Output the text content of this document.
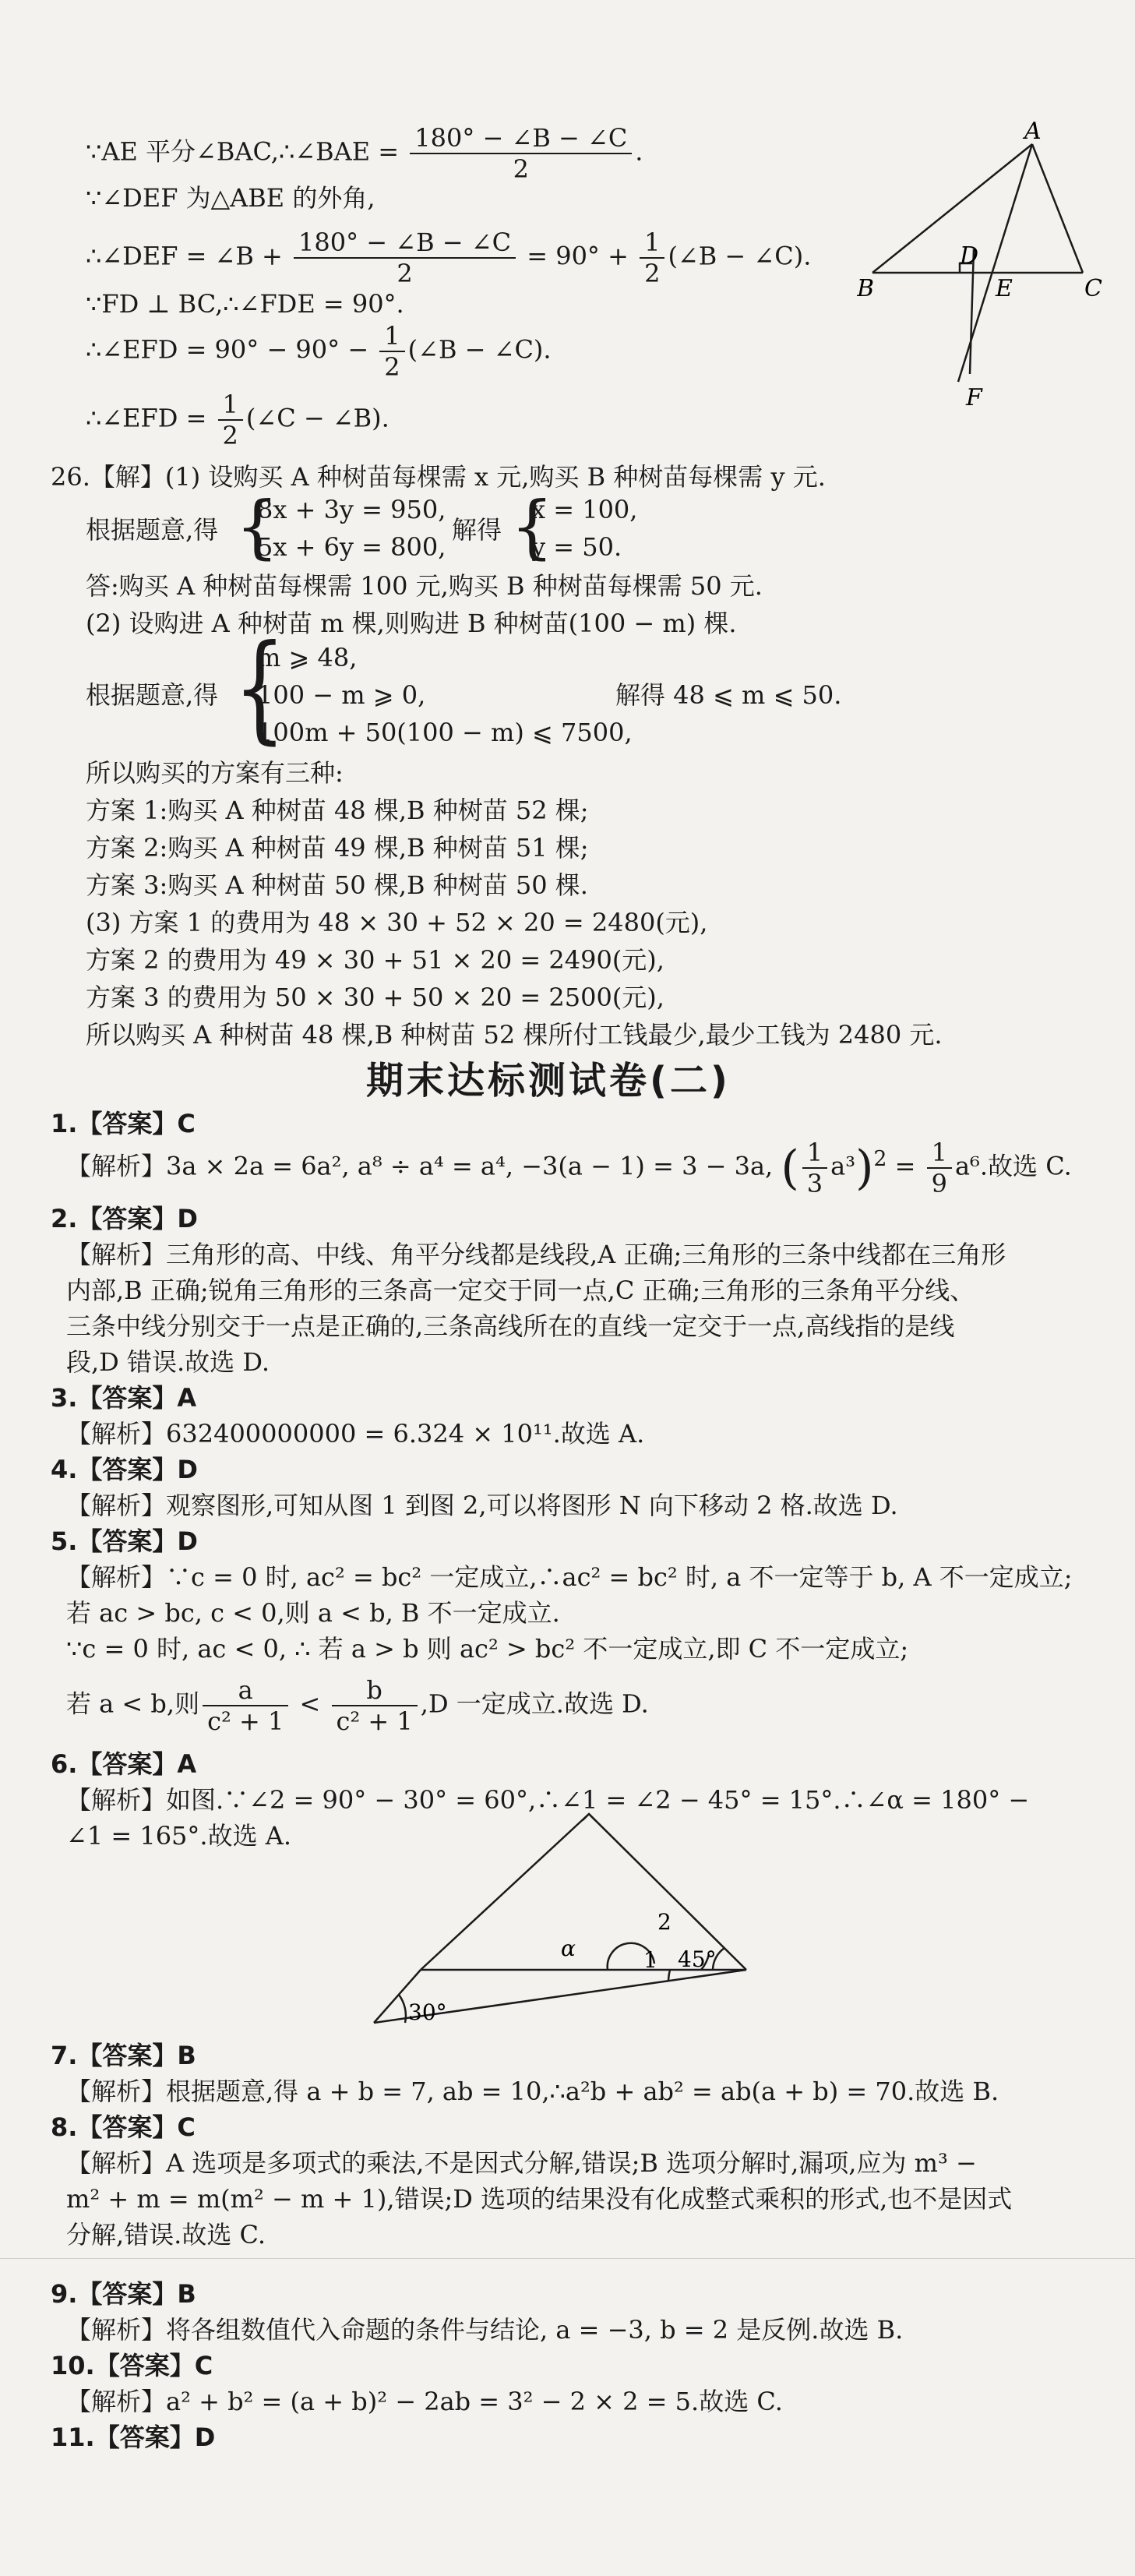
∵AE 平分∠BAC,∴∠BAE = $\frac{180^\circ - \angle B - \angle C}{2}$ .
∵∠DEF 为△ABE 的外角,
∴∠DEF = ∠B + $\frac{180^\circ - \angle B - \angle C}{2} = 90^\circ + \frac{1}{2}$ (∠B − ∠C).
∵FD ⊥ BC,∴∠FDE = 90°.
∴∠EFD = $90^\circ - 90^\circ - \frac{1}{2}$ (∠B − ∠C).
∴∠EFD = $\frac{1}{2}$ (∠C − ∠B).
A
B	C
D
E
F
26.【解】(1) 设购买 A 种树苗每棵需 x 元,购买 B 种树苗每棵需 y 元.
根据题意,得 {
8x + 3y = 950,
5x + 6y = 800,
解得 {
x = 100,
y = 50.
答:购买 A 种树苗每棵需 100 元,购买 B 种树苗每棵需 50 元.
(2) 设购进 A 种树苗 m 棵,则购进 B 种树苗(100 − m) 棵.
根据题意,得 {
m ⩾ 48,
100 − m ⩾ 0,
100m + 50(100 − m) ⩽ 7500,
解得 48 ⩽ m ⩽ 50.
所以购买的方案有三种:
方案 1:购买 A 种树苗 48 棵,B 种树苗 52 棵;
方案 2:购买 A 种树苗 49 棵,B 种树苗 51 棵;
方案 3:购买 A 种树苗 50 棵,B 种树苗 50 棵.
(3) 方案 1 的费用为 48 × 30 + 52 × 20 = 2480(元),
方案 2 的费用为 49 × 30 + 51 × 20 = 2490(元),
方案 3 的费用为 50 × 30 + 50 × 20 = 2500(元),
所以购买 A 种树苗 48 棵,B 种树苗 52 棵所付工钱最少,最少工钱为 2480 元.
期末达标测试卷(二)
1.【答案】C
【解析】3a × 2a = 6a², a⁸ ÷ a⁴ = a⁴, −3(a − 1) = 3 − 3a, ( $\frac{1}{3} a^3)^2 = \frac{1}{9} a^6$.故选 C.
2.【答案】D
【解析】三角形的高、中线、角平分线都是线段,A 正确;三角形的三条中线都在三角形
内部,B 正确;锐角三角形的三条高一定交于同一点,C 正确;三角形的三条角平分线、
三条中线分别交于一点是正确的,三条高线所在的直线一定交于一点,高线指的是线
段,D 错误.故选 D.
3.【答案】A
【解析】632400000000 = 6.324 × 10¹¹.故选 A.
4.【答案】D
【解析】观察图形,可知从图 1 到图 2,可以将图形 N 向下移动 2 格.故选 D.
5.【答案】D
【解析】∵c = 0 时, ac² = bc² 一定成立,∴ac² = bc² 时, a 不一定等于 b, A 不一定成立;
若 ac > bc, c < 0,则 a < b, B 不一定成立.
∵c = 0 时, ac < 0, ∴ 若 a > b 则 ac² > bc² 不一定成立,即 C 不一定成立;
若 a < b,则 $\frac{a}{\text{c² + 1}} < \frac{b}{\text{c² + 1}} ,D$ 一定成立.故选 D.
6.【答案】A
【解析】如图.∵∠2 = 90° − 30° = 60°,∴∠1 = ∠2 − 45° = 15°.∴∠α = 180° −
∠1 = 165°.故选 A.
α	1
2
45°
30°
7.【答案】B
【解析】根据题意,得 a + b = 7, ab = 10,∴a²b + ab² = ab(a + b) = 70.故选 B.
8.【答案】C
【解析】A 选项是多项式的乘法,不是因式分解,错误;B 选项分解时,漏项,应为 m³ −
m² + m = m(m² − m + 1),错误;D 选项的结果没有化成整式乘积的形式,也不是因式
分解,错误.故选 C.
9.【答案】B
【解析】将各组数值代入命题的条件与结论, a = −3, b = 2 是反例.故选 B.
10.【答案】C
【解析】a² + b² = (a + b)² − 2ab = 3² − 2 × 2 = 5.故选 C.
11.【答案】D
